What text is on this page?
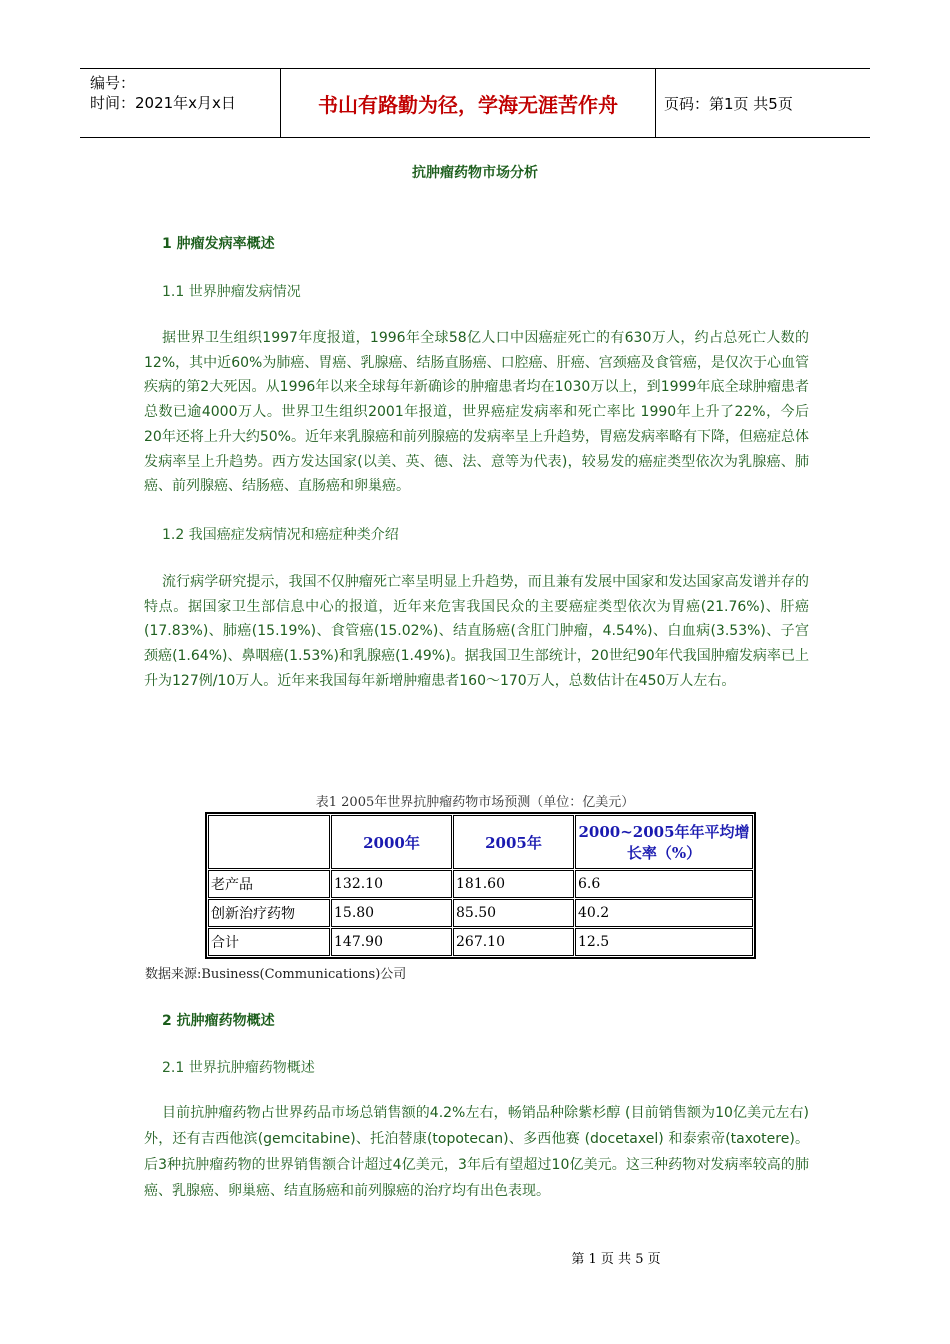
编号：
时间：2021年x月x日	书山有路勤为径，学海无涯苦作舟	页码：第1页 共5页
抗肿瘤药物市场分析
1 肿瘤发病率概述
1.1 世界肿瘤发病情况
据世界卫生组织1997年度报道，1996年全球58亿人口中因癌症死亡的有630万人，约占总死亡人数的12%，其中近60%为肺癌、胃癌、乳腺癌、结肠直肠癌、口腔癌、肝癌、宫颈癌及食管癌，是仅次于心血管疾病的第2大死因。从1996年以来全球每年新确诊的肿瘤患者均在1030万以上，到1999年底全球肿瘤患者总数已逾4000万人。世界卫生组织2001年报道，世界癌症发病率和死亡率比 1990年上升了22%，今后 20年还将上升大约50%。近年来乳腺癌和前列腺癌的发病率呈上升趋势，胃癌发病率略有下降，但癌症总体发病率呈上升趋势。西方发达国家(以美、英、德、法、意等为代表)，较易发的癌症类型依次为乳腺癌、肺癌、前列腺癌、结肠癌、直肠癌和卵巢癌。
1.2 我国癌症发病情况和癌症种类介绍
流行病学研究提示，我国不仅肿瘤死亡率呈明显上升趋势，而且兼有发展中国家和发达国家高发谱并存的特点。据国家卫生部信息中心的报道，近年来危害我国民众的主要癌症类型依次为胃癌(21.76%)、肝癌(17.83%)、肺癌(15.19%)、食管癌(15.02%)、结直肠癌(含肛门肿瘤，4.54%)、白血病(3.53%)、子宫颈癌(1.64%)、鼻咽癌(1.53%)和乳腺癌(1.49%)。据我国卫生部统计，20世纪90年代我国肿瘤发病率已上升为127例/10万人。近年来我国每年新增肿瘤患者160～170万人，总数估计在450万人左右。
表1 2005年世界抗肿瘤药物市场预测（单位：亿美元）
	2000年	2005年	2000~2005年年平均增长率（%）
老产品	132.10	181.60	6.6
创新治疗药物	15.80	85.50	40.2
合计	147.90	267.10	12.5
数据来源:Business(Communications)公司
2 抗肿瘤药物概述
2.1 世界抗肿瘤药物概述
目前抗肿瘤药物占世界药品市场总销售额的4.2%左右，畅销品种除紫杉醇 (目前销售额为10亿美元左右)外，还有吉西他滨(gemcitabine)、托泊替康(topotecan)、多西他赛 (docetaxel) 和泰索帝(taxotere)。后3种抗肿瘤药物的世界销售额合计超过4亿美元，3年后有望超过10亿美元。这三种药物对发病率较高的肺癌、乳腺癌、卵巢癌、结直肠癌和前列腺癌的治疗均有出色表现。
第 1 页 共 5 页
